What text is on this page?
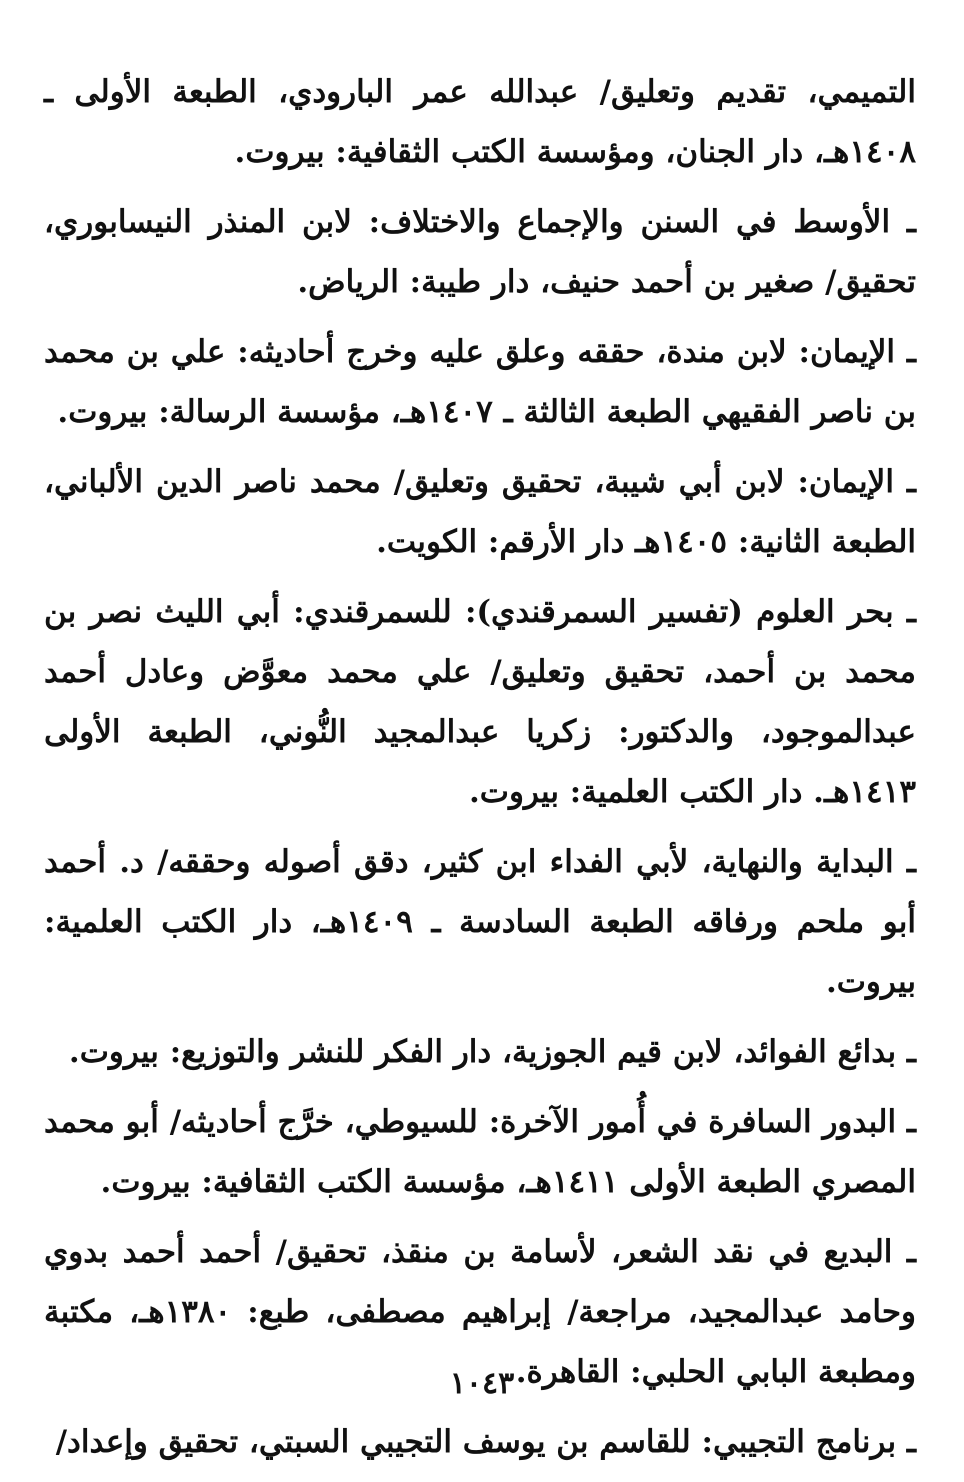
التميمي، تقديم وتعليق/ عبدالله عمر البارودي، الطبعة الأولى ـ ١٤٠٨هـ، دار الجنان، ومؤسسة الكتب الثقافية: بيروت.

ـ الأوسط في السنن والإجماع والاختلاف: لابن المنذر النيسابوري، تحقيق/ صغير بن أحمد حنيف، دار طيبة: الرياض.

ـ الإيمان: لابن مندة، حققه وعلق عليه وخرج أحاديثه: علي بن محمد بن ناصر الفقيهي الطبعة الثالثة ـ ١٤٠٧هـ، مؤسسة الرسالة: بيروت.

ـ الإيمان: لابن أبي شيبة، تحقيق وتعليق/ محمد ناصر الدين الألباني، الطبعة الثانية: ١٤٠٥هـ دار الأرقم: الكويت.

ـ بحر العلوم (تفسير السمرقندي): للسمرقندي: أبي الليث نصر بن محمد بن أحمد، تحقيق وتعليق/ علي محمد معوَّض وعادل أحمد عبدالموجود، والدكتور: زكريا عبدالمجيد النُّوني، الطبعة الأولى ١٤١٣هـ. دار الكتب العلمية: بيروت.

ـ البداية والنهاية، لأبي الفداء ابن كثير، دقق أصوله وحققه/ د. أحمد أبو ملحم ورفاقه الطبعة السادسة ـ ١٤٠٩هـ، دار الكتب العلمية: بيروت.

ـ بدائع الفوائد، لابن قيم الجوزية، دار الفكر للنشر والتوزيع: بيروت.

ـ البدور السافرة في أُمور الآخرة: للسيوطي، خرَّج أحاديثه/ أبو محمد المصري الطبعة الأولى ١٤١١هـ، مؤسسة الكتب الثقافية: بيروت.

ـ البديع في نقد الشعر، لأسامة بن منقذ، تحقيق/ أحمد أحمد بدوي وحامد عبدالمجيد، مراجعة/ إبراهيم مصطفى، طبع: ١٣٨٠هـ، مكتبة ومطبعة البابي الحلبي: القاهرة.

ـ برنامج التجيبي: للقاسم بن يوسف التجيبي السبتي، تحقيق وإعداد/

١٠٤٣
